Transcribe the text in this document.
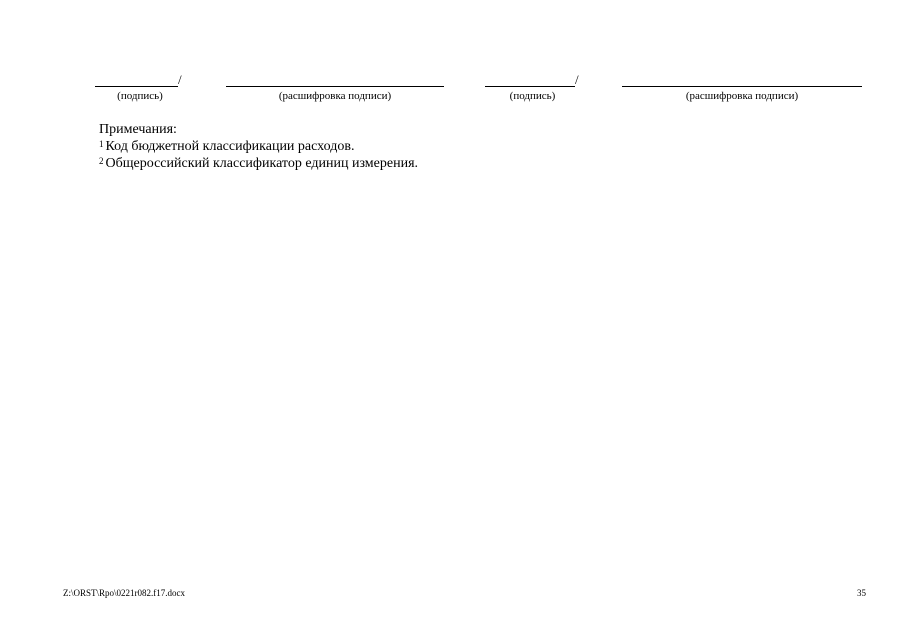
/
(подпись)	(расшифровка подписи)
/
(подпись)	(расшифровка подписи)
Примечания:
$^1$ Код бюджетной классификации расходов.
$^2$ Общероссийский классификатор единиц измерения.
Z:\ORST\Rpo\0221r082.f17.docx	35
